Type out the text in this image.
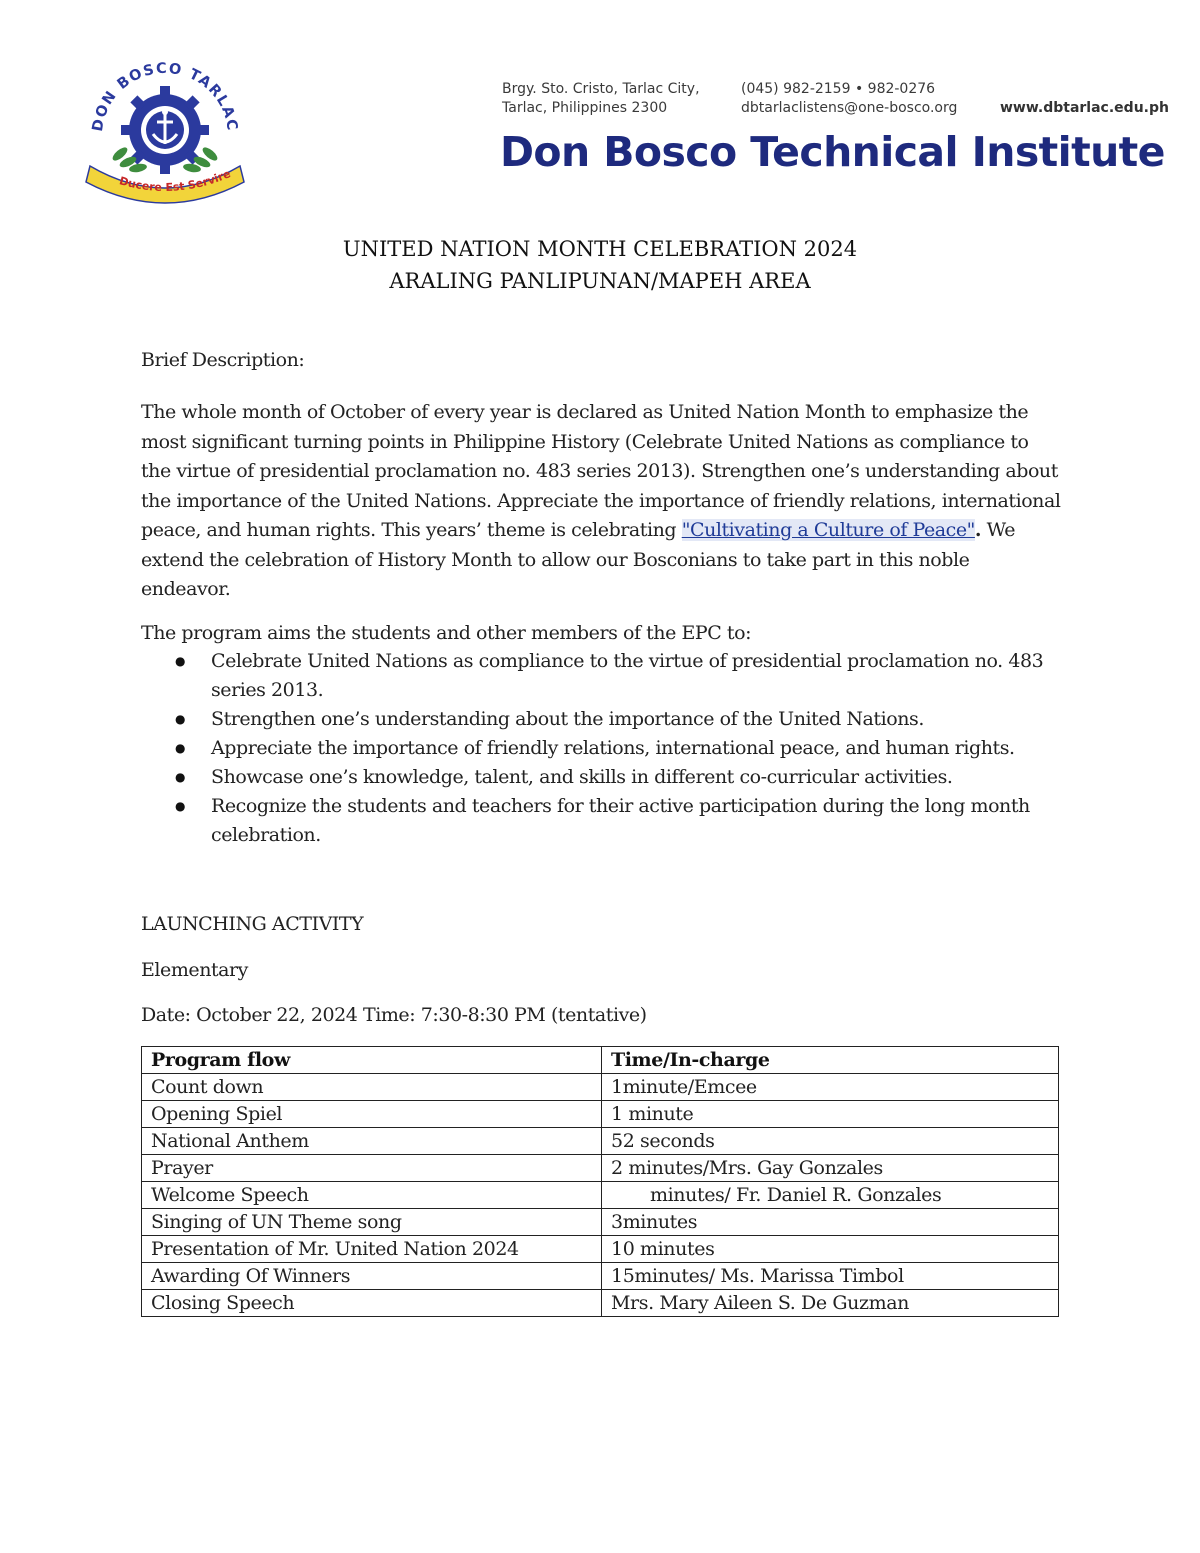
DON BOSCO TARLAC
Ducere Est Servire
Brgy. Sto. Cristo, Tarlac City,
Tarlac, Philippines 2300
(045) 982-2159 • 982-0276
dbtarlaclistens@one-bosco.org	www.dbtarlac.edu.ph
Don Bosco Technical Institute
UNITED NATION MONTH CELEBRATION 2024
ARALING PANLIPUNAN/MAPEH AREA
Brief Description:
The whole month of October of every year is declared as United Nation Month to emphasize the most significant turning points in Philippine History (Celebrate United Nations as compliance to the virtue of presidential proclamation no. 483 series 2013). Strengthen one’s understanding about the importance of the United Nations. Appreciate the importance of friendly relations, international peace, and human rights. This years’ theme is celebrating "Cultivating a Culture of Peace". We extend the celebration of History Month to allow our Bosconians to take part in this noble endeavor.
The program aims the students and other members of the EPC to:
● Celebrate United Nations as compliance to the virtue of presidential proclamation no. 483 series 2013.
● Strengthen one’s understanding about the importance of the United Nations.
● Appreciate the importance of friendly relations, international peace, and human rights.
● Showcase one’s knowledge, talent, and skills in different co-curricular activities.
● Recognize the students and teachers for their active participation during the long month celebration.
LAUNCHING ACTIVITY
Elementary
Date: October 22, 2024 Time: 7:30-8:30 PM (tentative)
Program flow	Time/In-charge
Count down	1minute/Emcee
Opening Spiel	1 minute
National Anthem	52 seconds
Prayer	2 minutes/Mrs. Gay Gonzales
Welcome Speech	minutes/ Fr. Daniel R. Gonzales
Singing of UN Theme song	3minutes
Presentation of Mr. United Nation 2024	10 minutes
Awarding Of Winners	15minutes/ Ms. Marissa Timbol
Closing Speech	Mrs. Mary Aileen S. De Guzman
